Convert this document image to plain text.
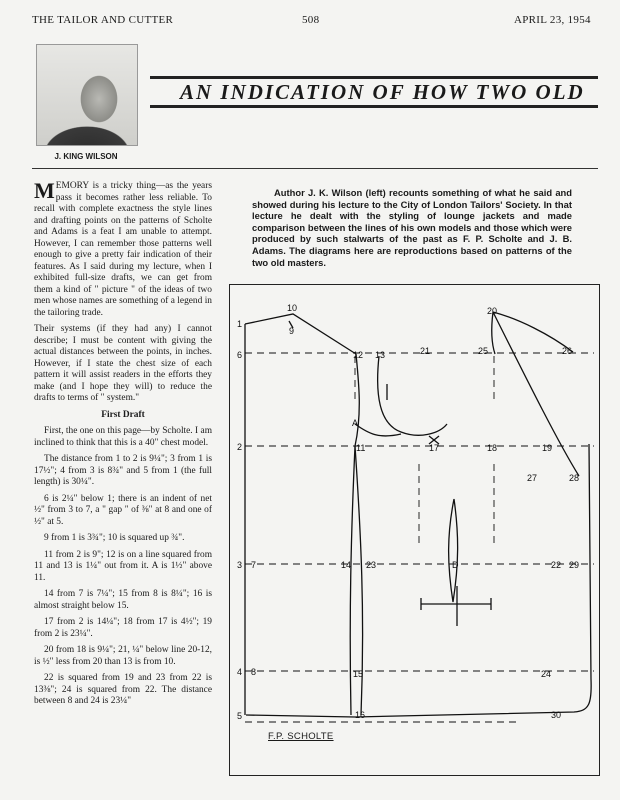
THE TAILOR AND CUTTER	508	APRIL 23, 1954
J. KING WILSON
AN INDICATION OF HOW TWO OLD

MEMORY is a tricky thing—as the years pass it becomes rather less reliable. To recall with complete exactness the style lines and drafting points on the patterns of Scholte and Adams is a feat I am unable to attempt. However, I can remember those patterns well enough to give a pretty fair indication of their features. As I said during my lecture, when I exhibited full-size drafts, we can get from them a kind of " picture " of the ideas of two men whose names are something of a legend in the tailoring trade.

Their systems (if they had any) I cannot describe; I must be content with giving the actual distances between the points, in inches. However, if I state the chest size of each pattern it will assist readers in the efforts they make (and I hope they will) to reduce the drafts to terms of " system."

First Draft

First, the one on this page—by Scholte. I am inclined to think that this is a 40" chest model.

The distance from 1 to 2 is 9¼"; 3 from 1 is 17½"; 4 from 3 is 8¾" and 5 from 1 (the full length) is 30¼".

6 is 2¼" below 1; there is an indent of net ½" from 3 to 7, a " gap " of ⅜" at 8 and one of ½" at 5.

9 from 1 is 3¾"; 10 is squared up ¾".

11 from 2 is 9"; 12 is on a line squared from 11 and 13 is 1¼" out from it. A is 1½" above 11.

14 from 7 is 7¼"; 15 from 8 is 8¼"; 16 is almost straight below 15.

17 from 2 is 14¼"; 18 from 17 is 4½"; 19 from 2 is 23¼".

20 from 18 is 9¼"; 21, ¼" below line 20-12, is ½" less from 20 than 13 is from 10.

22 is squared from 19 and 23 from 22 is 13⅜"; 24 is squared from 22. The distance between 8 and 24 is 23¼"

Author J. K. Wilson (left) recounts something of what he said and showed during his lecture to the City of London Tailors' Society. In that lecture he dealt with the styling of lounge jackets and made comparison between the lines of his own models and those which were produced by such stalwarts of the past as F. P. Scholte and J. B. Adams. The diagrams here are reproductions based on patterns of the two old masters.
1
2
3
4
5
6
7
8
9
10
11
12 13
14
15
16
17	18	19
20
21
22
23
24
25	26
27	28
29
30
A
D
F.P. SCHOLTE
